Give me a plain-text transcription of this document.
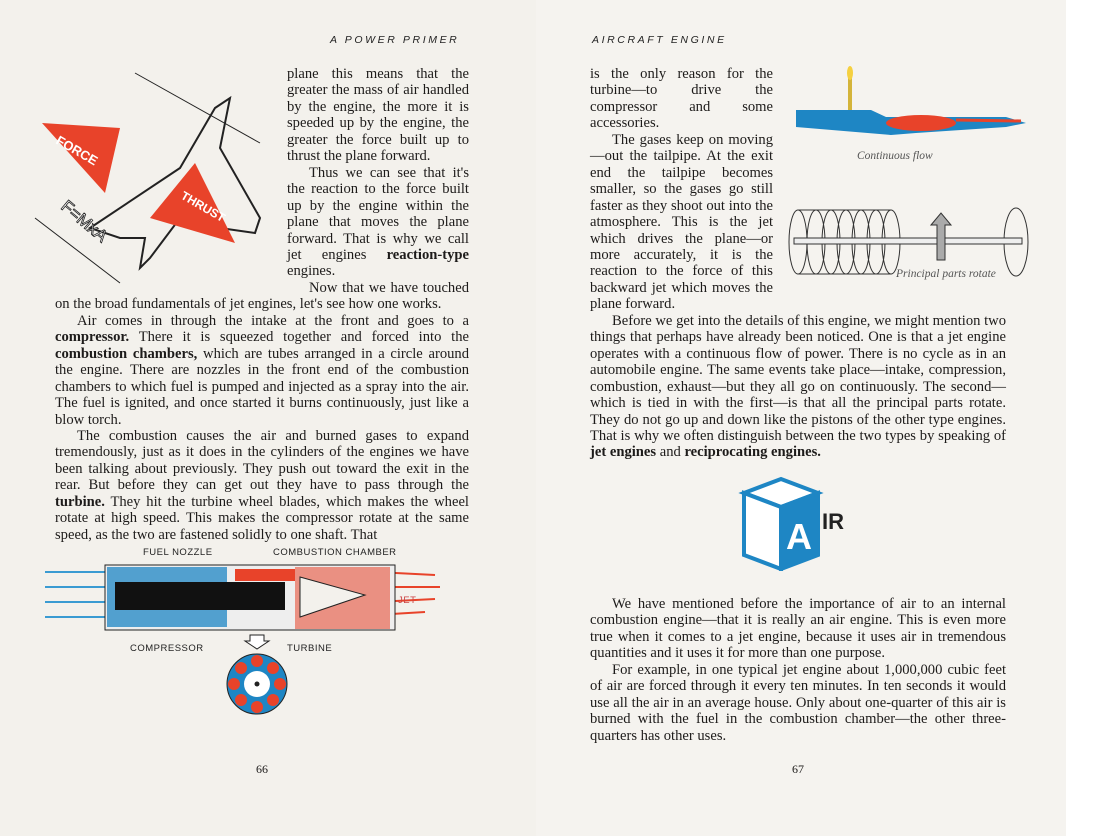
A POWER PRIMER
FORCE
THRUST
F=MxA

plane this means that the greater the mass of air handled by the engine, the more it is speeded up by the engine, the greater the force built up to thrust the plane forward.

Thus we can see that it's the reaction to the force built up by the engine within the plane that moves the plane forward. That is why we call jet engines reaction-type engines.

Now that we have touched on the broad fundamentals of jet engines, let's see how one works.

Air comes in through the intake at the front and goes to a compressor. There it is squeezed together and forced into the combustion chambers, which are tubes arranged in a circle around the engine. There are nozzles in the front end of the combustion chambers to which fuel is pumped and injected as a spray into the air. The fuel is ignited, and once started it burns continuously, just like a blow torch.

The combustion causes the air and burned gases to expand tremendously, just as it does in the cylinders of the engines we have been talking about previously. They push out toward the exit in the rear. But before they can get out they have to pass through the turbine. They hit the turbine wheel blades, which makes the wheel rotate at high speed. This makes the compressor rotate at the same speed, as the two are fastened solidly to one shaft. That

FUEL NOZZLE	COMBUSTION CHAMBER
COMPRESSOR	TURBINE
JET
66
AIRCRAFT ENGINE
Continuous flow
Principal parts rotate

is the only reason for the turbine—to drive the compressor and some accessories.

The gases keep on moving—out the tailpipe. At the exit end the tailpipe becomes smaller, so the gases go still faster as they shoot out into the atmosphere. This is the jet which drives the plane—or more accurately, it is the reaction to the force of this backward jet which moves the plane forward.

Before we get into the details of this engine, we might mention two things that perhaps have already been noticed. One is that a jet engine operates with a continuous flow of power. There is no cycle as in an automobile engine. The same events take place—intake, compression, combustion, exhaust—but they all go on continuously. The second—which is tied in with the first—is that all the principal parts rotate. They do not go up and down like the pistons of the other type engines. That is why we often distinguish between the two types by speaking of jet engines and reciprocating engines.

A IR

We have mentioned before the importance of air to an internal combustion engine—that it is really an air engine. This is even more true when it comes to a jet engine, because it uses air in tremendous quantities and it uses it for more than one purpose.

For example, in one typical jet engine about 1,000,000 cubic feet of air are forced through it every ten minutes. In ten seconds it would use all the air in an average house. Only about one-quarter of this air is burned with the fuel in the combustion chamber—the other three-quarters has other uses.

67
